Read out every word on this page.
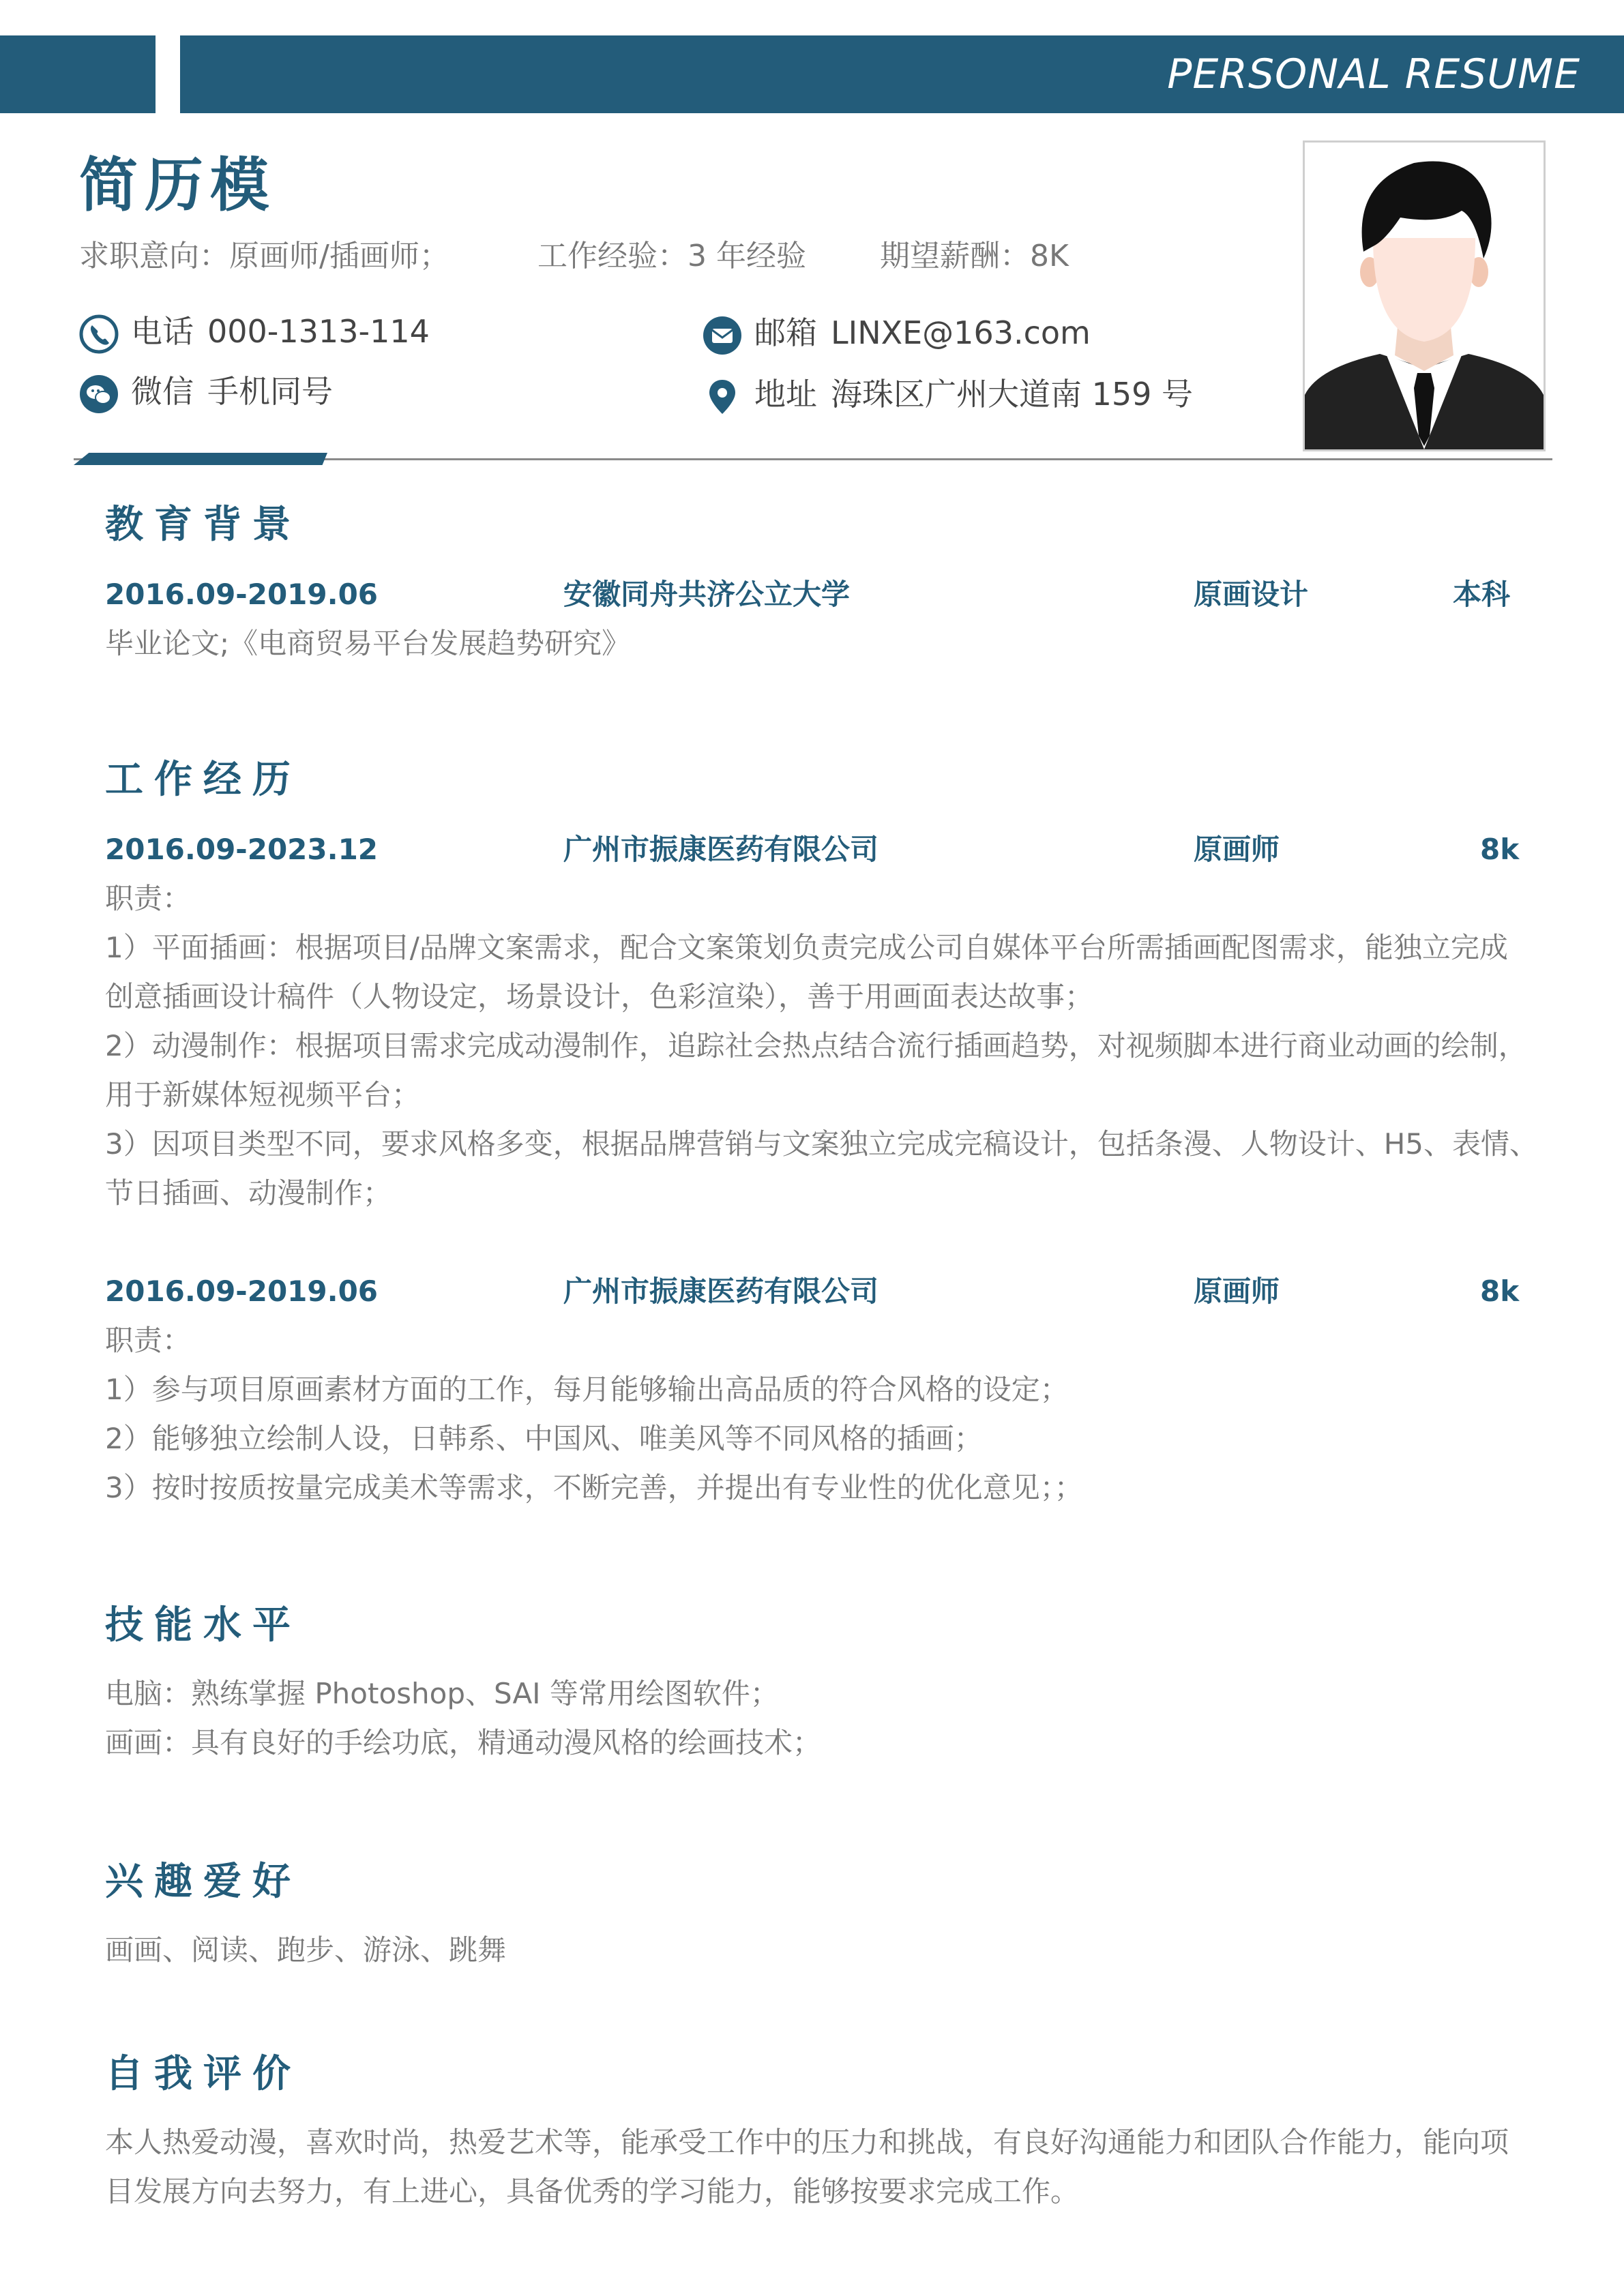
PERSONAL RESUME
简历模
求职意向：原画师/插画师；	工作经验：3 年经验 期望薪酬：8K
电话 000-1313-114
微信 手机同号
邮箱 LINXE@163.com
地址 海珠区广州大道南 159 号
教育背景
2016.09-2019.06	安徽同舟共济公立大学	原画设计	本科
毕业论文;《电商贸易平台发展趋势研究》
工作经历
2016.09-2023.12	广州市振康医药有限公司	原画师	8k
职责：
1）平面插画：根据项目/品牌文案需求，配合文案策划负责完成公司自媒体平台所需插画配图需求，能独立完成
创意插画设计稿件（人物设定，场景设计，色彩渲染），善于用画面表达故事；
2）动漫制作：根据项目需求完成动漫制作，追踪社会热点结合流行插画趋势，对视频脚本进行商业动画的绘制，
用于新媒体短视频平台；
3）因项目类型不同，要求风格多变，根据品牌营销与文案独立完成完稿设计，包括条漫、人物设计、H5、表情、
节日插画、动漫制作；
2016.09-2019.06	广州市振康医药有限公司	原画师	8k
职责：
1）参与项目原画素材方面的工作，每月能够输出高品质的符合风格的设定；
2）能够独立绘制人设，日韩系、中国风、唯美风等不同风格的插画；
3）按时按质按量完成美术等需求，不断完善，并提出有专业性的优化意见；；
技能水平
电脑：熟练掌握 Photoshop、SAI 等常用绘图软件；
画画：具有良好的手绘功底，精通动漫风格的绘画技术；
兴趣爱好
画画、阅读、跑步、游泳、跳舞
自我评价
本人热爱动漫，喜欢时尚，热爱艺术等，能承受工作中的压力和挑战，有良好沟通能力和团队合作能力，能向项
目发展方向去努力，有上进心，具备优秀的学习能力，能够按要求完成工作。
